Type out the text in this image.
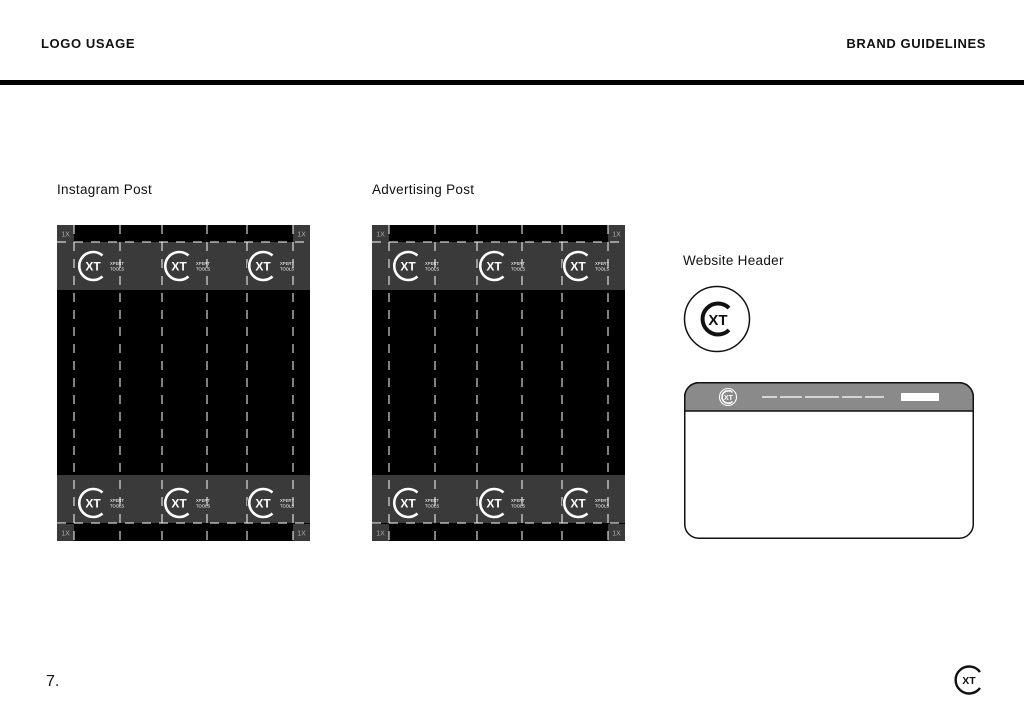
LOGO USAGE	BRAND GUIDELINES
Instagram Post	Advertising Post
Website Header
1X	1X
1X	1X
XT XPERT
TOOLS	XT XPERT
TOOLS	XT XPERT
TOOLS
XT XPERT
TOOLS	XT XPERT
TOOLS	XT XPERT
TOOLS
1X	1X
1X	1X
XT XPERT
TOOLS	XT XPERT
TOOLS	XT XPERT
TOOLS
XT XPERT
TOOLS	XT XPERT
TOOLS	XT XPERT
TOOLS
XT
XT
7.	XT
